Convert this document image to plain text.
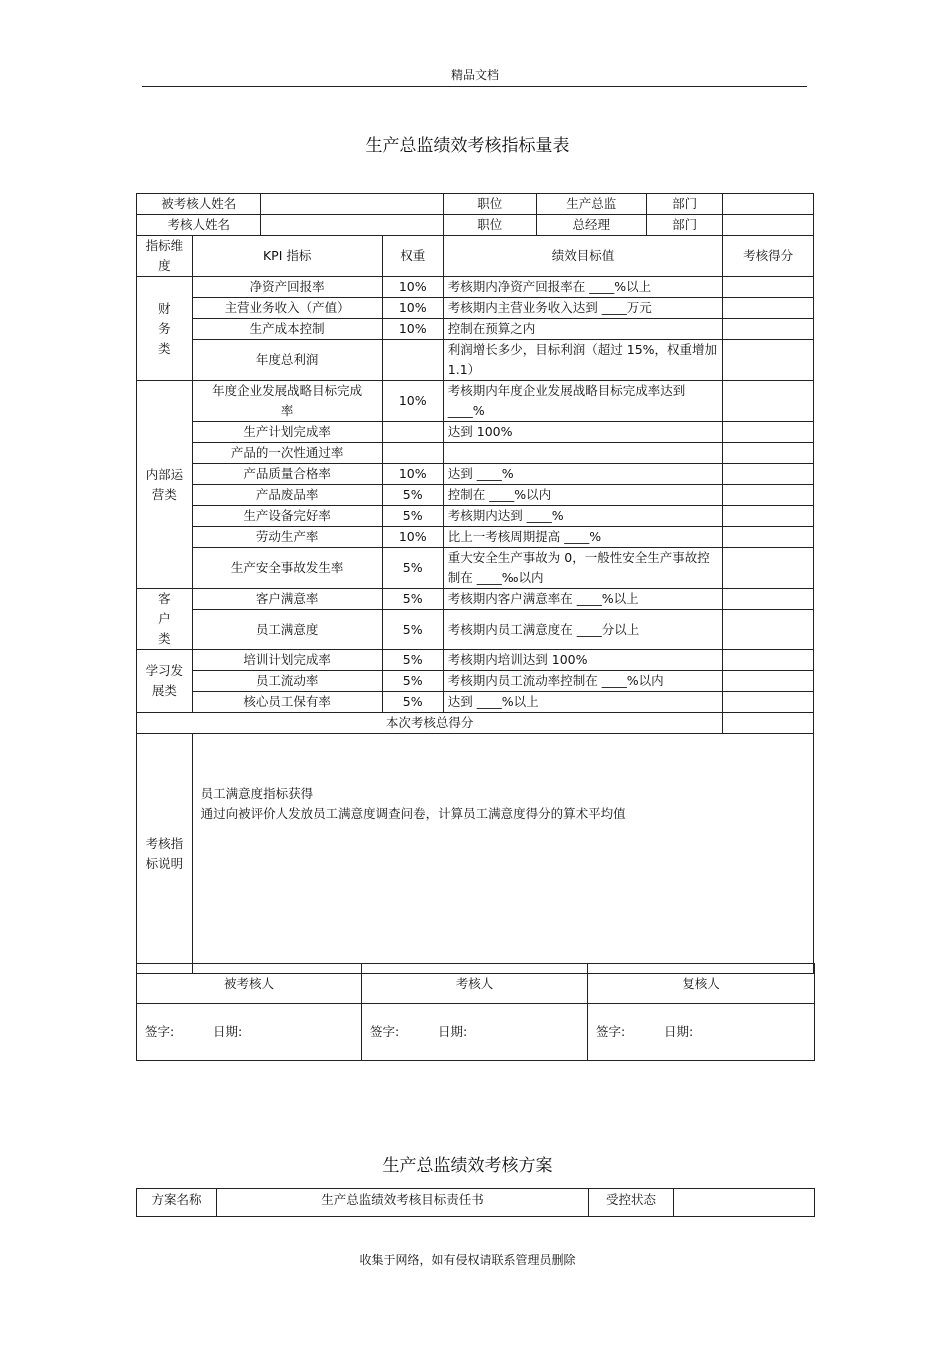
精品文档
生产总监绩效考核指标量表
被考核人姓名				职位	生产总监	部门	
考核人姓名				职位	总经理	部门	
指标维度	KPI 指标		权重	绩效目标值			考核得分
财务类	净资产回报率		10%	考核期内净资产回报率在 ____%以上			
	主营业务收入（产值）		10%	考核期内主营业务收入达到 ____万元			
	生产成本控制		10%	控制在预算之内			
	年度总利润			利润增长多少，目标利润（超过 15%，权重增加 1.1）			
内部运营类	年度企业发展战略目标完成率		10%	考核期内年度企业发展战略目标完成率达到____%			
	生产计划完成率			达到 100%			
	产品的一次性通过率						
	产品质量合格率		10%	达到 ____%			
	产品废品率		5%	控制在 ____%以内			
	生产设备完好率		5%	考核期内达到 ____%			
	劳动生产率		10%	比上一考核周期提高 ____%			
	生产安全事故发生率		5%	重大安全生产事故为 0，一般性安全生产事故控制在 ____‰以内			
客户类	客户满意率		5%	考核期内客户满意率在 ____%以上			
	员工满意度		5%	考核期内员工满意度在 ____分以上			
学习发展类	培训计划完成率		5%	考核期内培训达到 100%			
	员工流动率		5%	考核期内员工流动率控制在 ____%以内			
	核心员工保有率		5%	达到 ____%以上			
本次考核总得分							
考核指标说明	员工满意度指标获得
通过向被评价人发放员工满意度调查问卷，计算员工满意度得分的算术平均值						
被考核人	考核人	复核人
签字: 日期:	签字: 日期:	签字: 日期:
生产总监绩效考核方案
方案名称	生产总监绩效考核目标责任书	受控状态	
收集于网络，如有侵权请联系管理员删除
